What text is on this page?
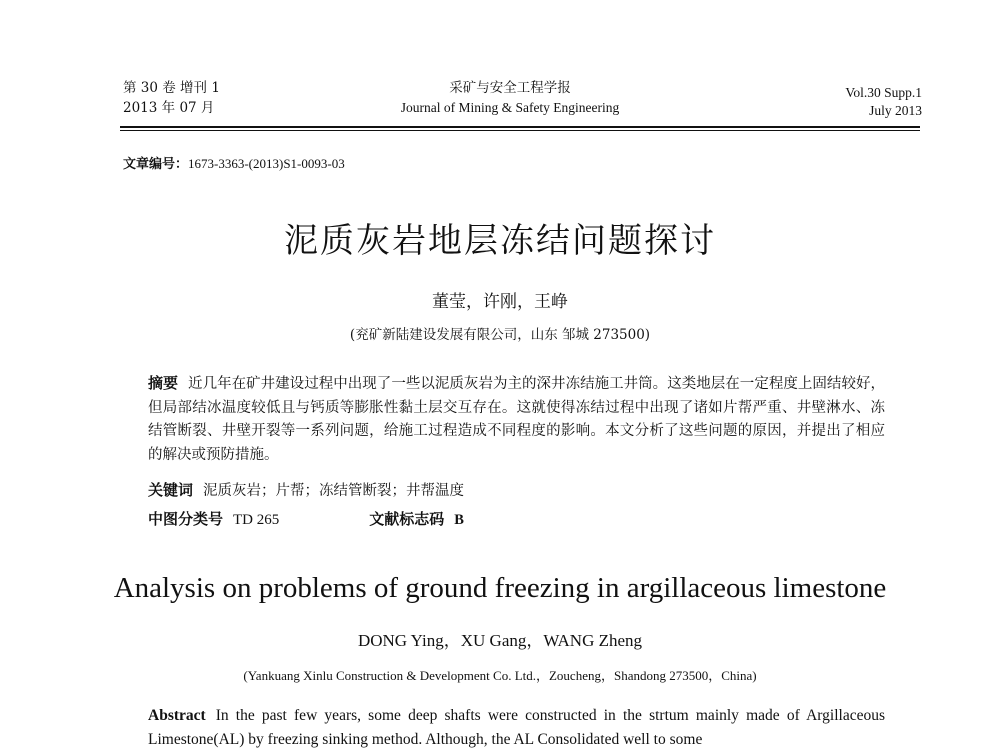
第 30 卷 增刊 1
2013 年 07 月
采矿与安全工程学报
Journal of Mining & Safety Engineering
Vol.30 Supp.1
July 2013
文章编号：1673-3363-(2013)S1-0093-03
泥质灰岩地层冻结问题探讨
董莹，许刚，王峥
(兖矿新陆建设发展有限公司，山东 邹城 273500)
摘要 近几年在矿井建设过程中出现了一些以泥质灰岩为主的深井冻结施工井筒。这类地层在一定程度上固结较好，但局部结冰温度较低且与钙质等膨胀性黏土层交互存在。这就使得冻结过程中出现了诸如片帮严重、井壁淋水、冻结管断裂、井壁开裂等一系列问题，给施工过程造成不同程度的影响。本文分析了这些问题的原因，并提出了相应的解决或预防措施。
关键词 泥质灰岩；片帮；冻结管断裂；井帮温度
中图分类号 TD 265	文献标志码 B
Analysis on problems of ground freezing in argillaceous limestone
DONG Ying，XU Gang，WANG Zheng
(Yankuang Xinlu Construction & Development Co. Ltd.，Zoucheng，Shandong 273500，China)
Abstract In the past few years, some deep shafts were constructed in the strtum mainly made of Argillaceous Limestone(AL) by freezing sinking method. Although, the AL Consolidated well to some
